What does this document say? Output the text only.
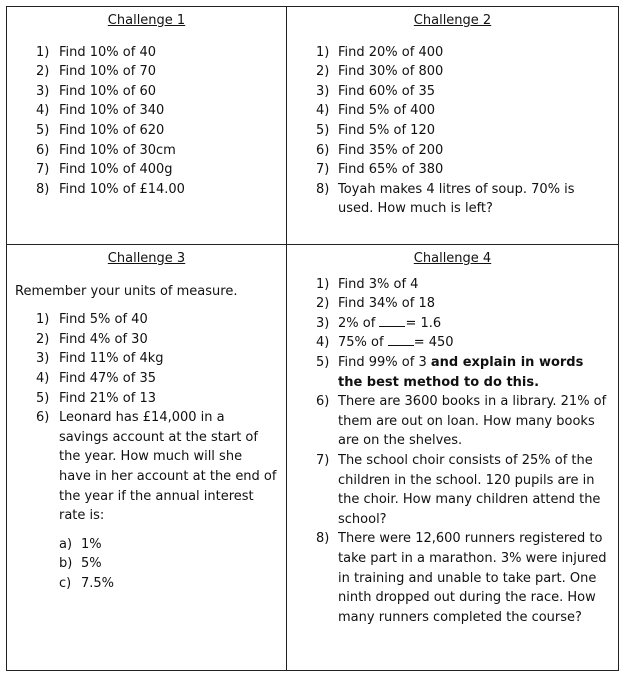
Challenge 1
1) Find 10% of 40
2) Find 10% of 70
3) Find 10% of 60
4) Find 10% of 340
5) Find 10% of 620
6) Find 10% of 30cm
7) Find 10% of 400g
8) Find 10% of £14.00
Challenge 2
1) Find 20% of 400
2) Find 30% of 800
3) Find 60% of 35
4) Find 5% of 400
5) Find 5% of 120
6) Find 35% of 200
7) Find 65% of 380
8) Toyah makes 4 litres of soup. 70% is used. How much is left?
Challenge 3
Remember your units of measure.
1) Find 5% of 40
2) Find 4% of 30
3) Find 11% of 4kg
4) Find 47% of 35
5) Find 21% of 13
6) Leonard has £14,000 in a savings account at the start of the year. How much will she have in her account at the end of the year if the annual interest rate is:
a) 1%
b) 5%
c) 7.5%
Challenge 4
1) Find 3% of 4
2) Find 34% of 18
3) 2% of = 1.6
4) 75% of = 450
5) Find 99% of 3 and explain in words the best method to do this.
6) There are 3600 books in a library. 21% of them are out on loan. How many books are on the shelves.
7) The school choir consists of 25% of the children in the school. 120 pupils are in the choir. How many children attend the school?
8) There were 12,600 runners registered to take part in a marathon. 3% were injured in training and unable to take part. One ninth dropped out during the race. How many runners completed the course?
